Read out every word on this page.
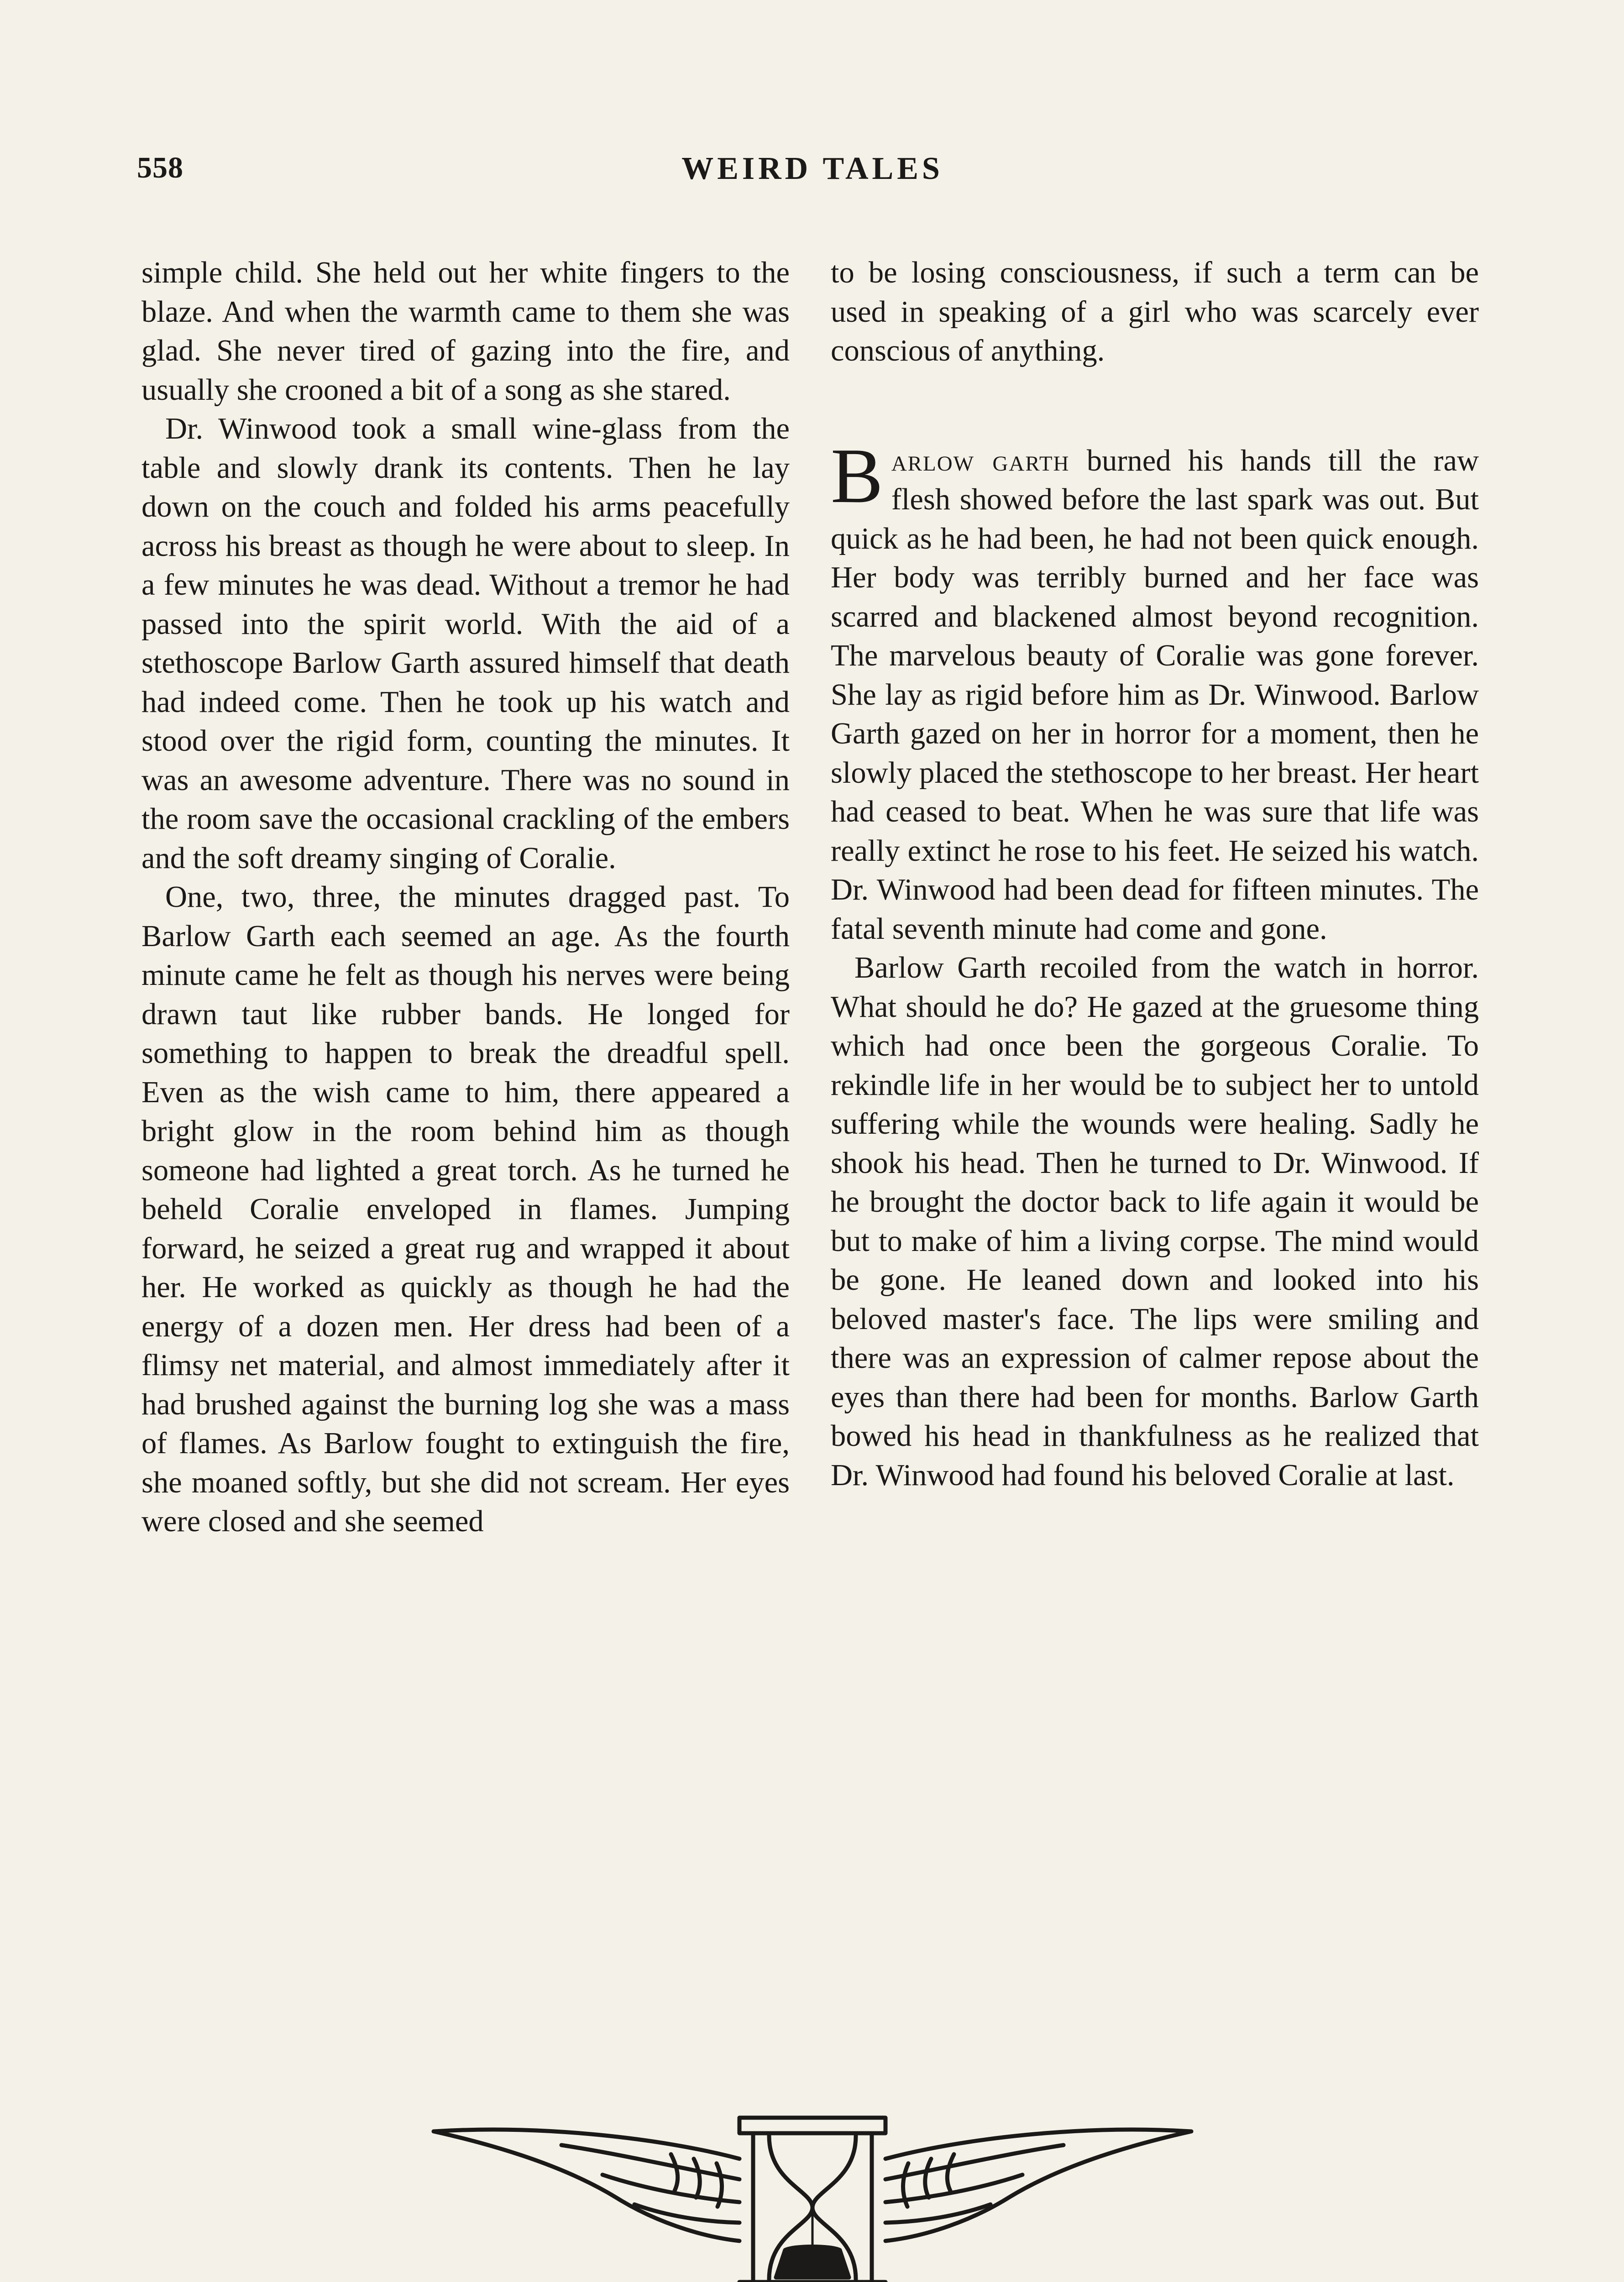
558	WEIRD TALES

simple child. She held out her white fingers to the blaze. And when the warmth came to them she was glad. She never tired of gazing into the fire, and usually she crooned a bit of a song as she stared.

Dr. Winwood took a small wine-glass from the table and slowly drank its contents. Then he lay down on the couch and folded his arms peacefully across his breast as though he were about to sleep. In a few minutes he was dead. Without a tremor he had passed into the spirit world. With the aid of a stethoscope Barlow Garth assured himself that death had indeed come. Then he took up his watch and stood over the rigid form, counting the minutes. It was an awesome adventure. There was no sound in the room save the occasional crackling of the embers and the soft dreamy singing of Coralie.

One, two, three, the minutes dragged past. To Barlow Garth each seemed an age. As the fourth minute came he felt as though his nerves were being drawn taut like rubber bands. He longed for something to happen to break the dreadful spell. Even as the wish came to him, there appeared a bright glow in the room behind him as though someone had lighted a great torch. As he turned he beheld Coralie enveloped in flames. Jumping forward, he seized a great rug and wrapped it about her. He worked as quickly as though he had the energy of a dozen men. Her dress had been of a flimsy net material, and almost immediately after it had brushed against the burning log she was a mass of flames. As Barlow fought to extinguish the fire, she moaned softly, but she did not scream. Her eyes were closed and she seemed

to be losing consciousness, if such a term can be used in speaking of a girl who was scarcely ever conscious of anything.

Barlow garth burned his hands till the raw flesh showed before the last spark was out. But quick as he had been, he had not been quick enough. Her body was terribly burned and her face was scarred and blackened almost beyond recognition. The marvelous beauty of Coralie was gone forever. She lay as rigid before him as Dr. Winwood. Barlow Garth gazed on her in horror for a moment, then he slowly placed the stethoscope to her breast. Her heart had ceased to beat. When he was sure that life was really extinct he rose to his feet. He seized his watch. Dr. Winwood had been dead for fifteen minutes. The fatal seventh minute had come and gone.

Barlow Garth recoiled from the watch in horror. What should he do? He gazed at the gruesome thing which had once been the gorgeous Coralie. To rekindle life in her would be to subject her to untold suffering while the wounds were healing. Sadly he shook his head. Then he turned to Dr. Winwood. If he brought the doctor back to life again it would be but to make of him a living corpse. The mind would be gone. He leaned down and looked into his beloved master's face. The lips were smiling and there was an expression of calmer repose about the eyes than there had been for months. Barlow Garth bowed his head in thankfulness as he realized that Dr. Winwood had found his beloved Coralie at last.
